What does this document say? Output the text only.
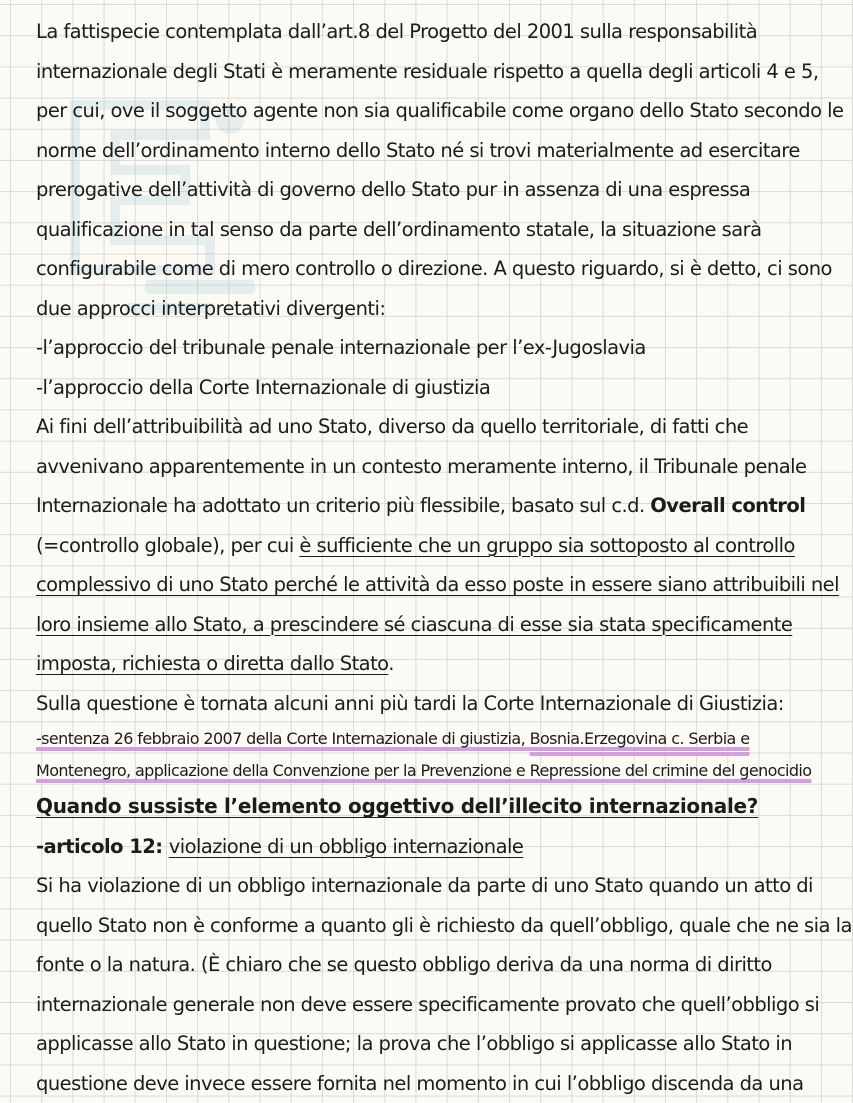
La fattispecie contemplata dall’art.8 del Progetto del 2001 sulla responsabilità
internazionale degli Stati è meramente residuale rispetto a quella degli articoli 4 e 5,
per cui, ove il soggetto agente non sia qualificabile come organo dello Stato secondo le
norme dell’ordinamento interno dello Stato né si trovi materialmente ad esercitare
prerogative dell’attività di governo dello Stato pur in assenza di una espressa
qualificazione in tal senso da parte dell’ordinamento statale, la situazione sarà
configurabile come di mero controllo o direzione. A questo riguardo, si è detto, ci sono
due approcci interpretativi divergenti:
-l’approccio del tribunale penale internazionale per l’ex-Jugoslavia
-l’approccio della Corte Internazionale di giustizia
Ai fini dell’attribuibilità ad uno Stato, diverso da quello territoriale, di fatti che
avvenivano apparentemente in un contesto meramente interno, il Tribunale penale
Internazionale ha adottato un criterio più flessibile, basato sul c.d. Overall control
(=controllo globale), per cui è sufficiente che un gruppo sia sottoposto al controllo
complessivo di uno Stato perché le attività da esso poste in essere siano attribuibili nel
loro insieme allo Stato, a prescindere sé ciascuna di esse sia stata specificamente
imposta, richiesta o diretta dallo Stato.
Sulla questione è tornata alcuni anni più tardi la Corte Internazionale di Giustizia:
-sentenza 26 febbraio 2007 della Corte Internazionale di giustizia, Bosnia.Erzegovina c. Serbia e
Montenegro, applicazione della Convenzione per la Prevenzione e Repressione del crimine del genocidio
Quando sussiste l’elemento oggettivo dell’illecito internazionale?
-articolo 12: violazione di un obbligo internazionale
Si ha violazione di un obbligo internazionale da parte di uno Stato quando un atto di
quello Stato non è conforme a quanto gli è richiesto da quell’obbligo, quale che ne sia la
fonte o la natura. (È chiaro che se questo obbligo deriva da una norma di diritto
internazionale generale non deve essere specificamente provato che quell’obbligo si
applicasse allo Stato in questione; la prova che l’obbligo si applicasse allo Stato in
questione deve invece essere fornita nel momento in cui l’obbligo discenda da una
